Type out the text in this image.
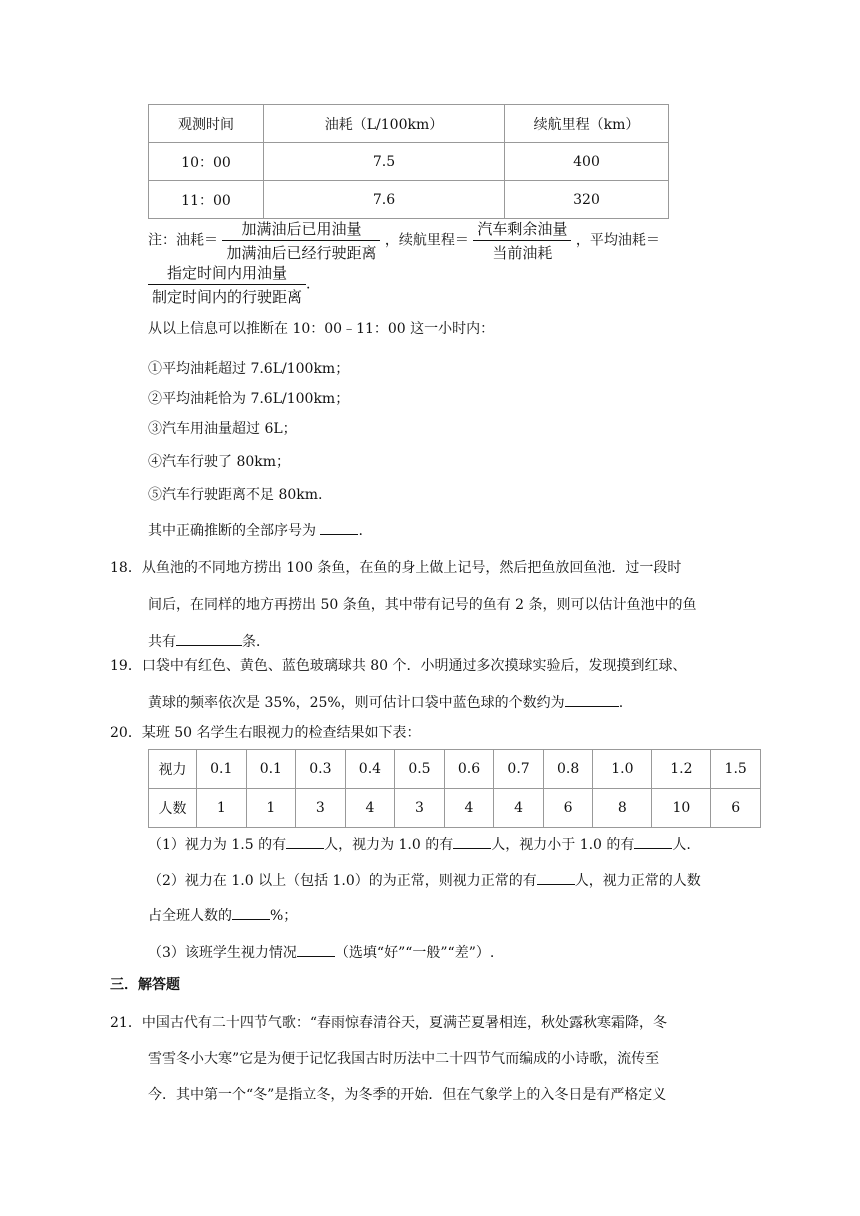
观测时间	油耗（L/100km）	续航里程（km）
10：00	7.5	400
11：00	7.6	320
注：油耗＝ $\frac{\text{加满油后已用油量}}{\text{加满油后已经行驶距离}}$ ，续航里程＝ $\frac{\text{汽车剩余油量}}{\text{当前油耗}}$ ，平均油耗＝
$\frac{\text{指定时间内用油量}}{\text{制定时间内的行驶距离}}$ .
从以上信息可以推断在 10：00﹣11：00 这一小时内：
①平均油耗超过 7.6L/100km；
②平均油耗恰为 7.6L/100km；
③汽车用油量超过 6L；
④汽车行驶了 80km；
⑤汽车行驶距离不足 80km.
其中正确推断的全部序号为	.
18．从鱼池的不同地方捞出 100 条鱼，在鱼的身上做上记号，然后把鱼放回鱼池．过一段时
间后，在同样的地方再捞出 50 条鱼，其中带有记号的鱼有 2 条，则可以估计鱼池中的鱼
共有	条．
19．口袋中有红色、黄色、蓝色玻璃球共 80 个．小明通过多次摸球实验后，发现摸到红球、
黄球的频率依次是 35%，25%，则可估计口袋中蓝色球的个数约为	.
20．某班 50 名学生右眼视力的检查结果如下表：
视力	0.1	0.1	0.3	0.4	0.5	0.6	0.7	0.8	1.0	1.2	1.5
人数	1	1	3	4	3	4	4	6	8	10	6
（1）视力为 1.5 的有	人，视力为 1.0 的有	人，视力小于 1.0 的有	人.
（2）视力在 1.0 以上（包括 1.0）的为正常，则视力正常的有	人，视力正常的人数
占全班人数的	%；
（3）该班学生视力情况	（选填“好”“一般”“差”）.
三．解答题
21．中国古代有二十四节气歌：“春雨惊春清谷天，夏满芒夏暑相连，秋处露秋寒霜降，冬
雪雪冬小大寒”它是为便于记忆我国古时历法中二十四节气而编成的小诗歌，流传至
今．其中第一个“冬”是指立冬，为冬季的开始．但在气象学上的入冬日是有严格定义
